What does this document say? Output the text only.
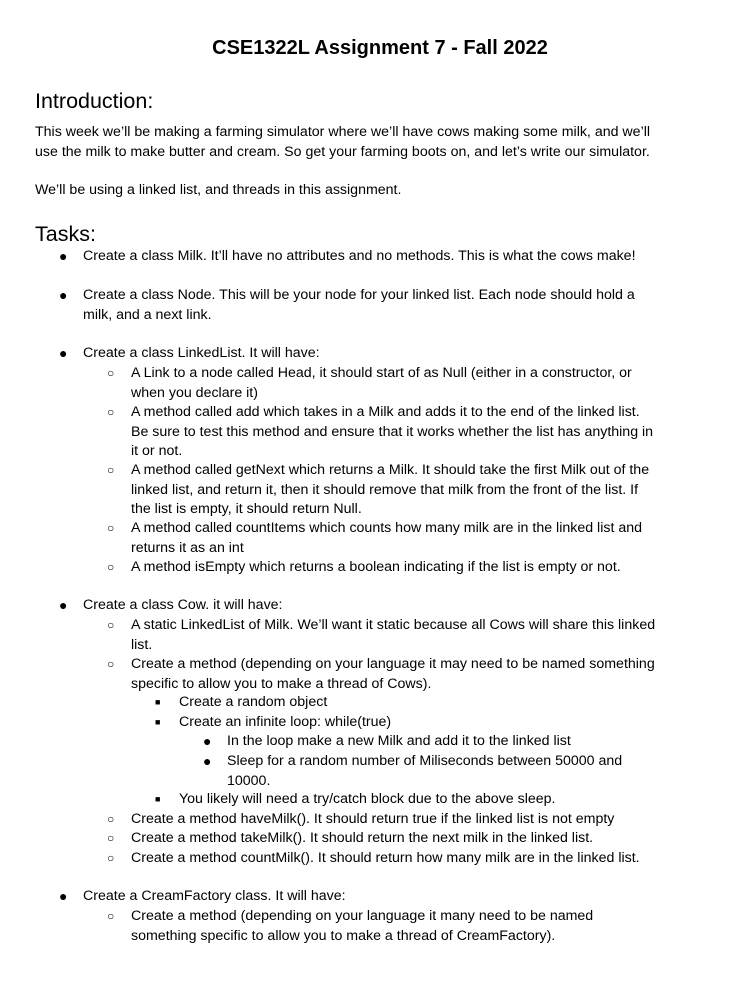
CSE1322L Assignment 7 - Fall 2022
Introduction:

This week we’ll be making a farming simulator where we’ll have cows making some milk, and we’ll
use the milk to make butter and cream. So get your farming boots on, and let’s write our simulator.

We’ll be using a linked list, and threads in this assignment.

Tasks:
● Create a class Milk. It’ll have no attributes and no methods. This is what the cows make!
● Create a class Node. This will be your node for your linked list. Each node should hold a
milk, and a next link.
● Create a class LinkedList. It will have:
○ A Link to a node called Head, it should start of as Null (either in a constructor, or
when you declare it)
○ A method called add which takes in a Milk and adds it to the end of the linked list.
Be sure to test this method and ensure that it works whether the list has anything in
it or not.
○ A method called getNext which returns a Milk. It should take the first Milk out of the
linked list, and return it, then it should remove that milk from the front of the list. If
the list is empty, it should return Null.
○ A method called countItems which counts how many milk are in the linked list and
returns it as an int
○ A method isEmpty which returns a boolean indicating if the list is empty or not.
● Create a class Cow. it will have:
○ A static LinkedList of Milk. We’ll want it static because all Cows will share this linked
list.
○ Create a method (depending on your language it may need to be named something
specific to allow you to make a thread of Cows).
■ Create a random object
■ Create an infinite loop: while(true)
● In the loop make a new Milk and add it to the linked list
● Sleep for a random number of Miliseconds between 50000 and
10000.
■ You likely will need a try/catch block due to the above sleep.
○ Create a method haveMilk(). It should return true if the linked list is not empty
○ Create a method takeMilk(). It should return the next milk in the linked list.
○ Create a method countMilk(). It should return how many milk are in the linked list.
● Create a CreamFactory class. It will have:
○ Create a method (depending on your language it many need to be named
something specific to allow you to make a thread of CreamFactory).
